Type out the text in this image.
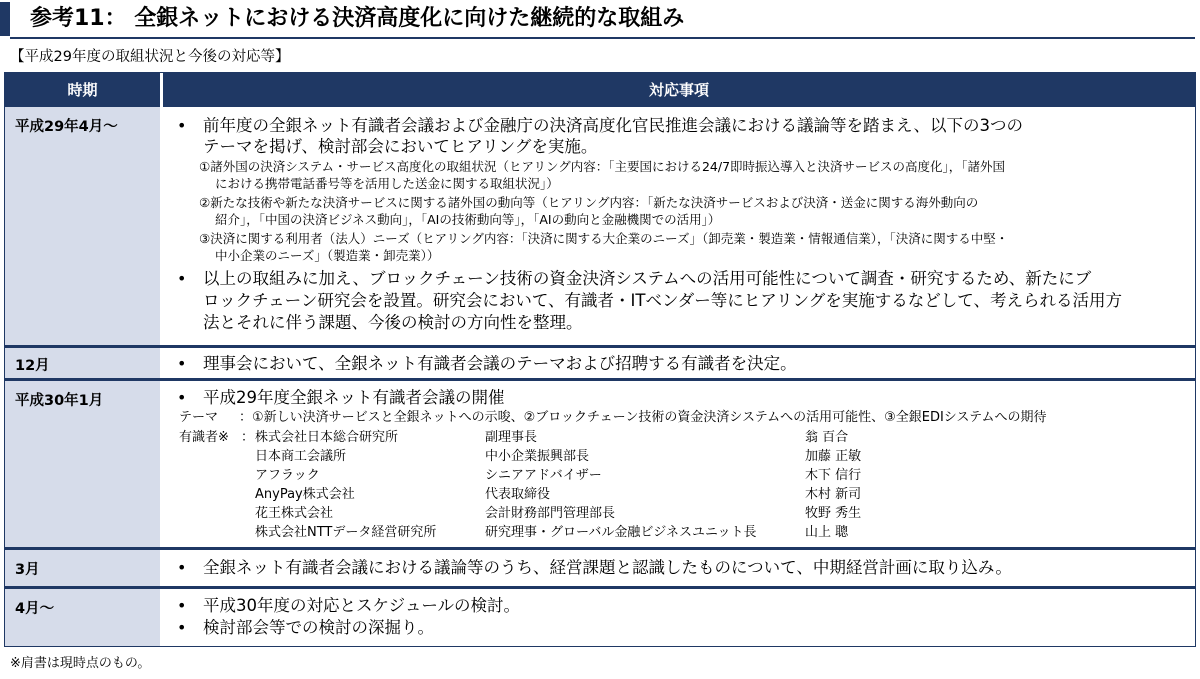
参考11： 全銀ネットにおける決済高度化に向けた継続的な取組み
【平成29年度の取組状況と今後の対応等】
時期	対応事項
平成29年4月～	• 前年度の全銀ネット有識者会議および金融庁の決済高度化官民推進会議における議論等を踏まえ、以下の3つの
テーマを掲げ、検討部会においてヒアリングを実施。
①諸外国の決済システム・サービス高度化の取組状況（ヒアリング内容：「主要国における24/7即時振込導入と決済サービスの高度化」，「諸外国
における携帯電話番号等を活用した送金に関する取組状況」）
②新たな技術や新たな決済サービスに関する諸外国の動向等（ヒアリング内容：「新たな決済サービスおよび決済・送金に関する海外動向の
紹介」，「中国の決済ビジネス動向」，「AIの技術動向等」，「AIの動向と金融機関での活用」）
③決済に関する利用者（法人）ニーズ（ヒアリング内容：「決済に関する大企業のニーズ」（卸売業・製造業・情報通信業），「決済に関する中堅・
中小企業のニーズ」（製造業・卸売業））
• 以上の取組みに加え、ブロックチェーン技術の資金決済システムへの活用可能性について調査・研究するため、新たにブ
ロックチェーン研究会を設置。研究会において、有識者・ITベンダー等にヒアリングを実施するなどして、考えられる活用方
法とそれに伴う課題、今後の検討の方向性を整理。
12月	• 理事会において、全銀ネット有識者会議のテーマおよび招聘する有識者を決定。
平成30年1月	• 平成29年度全銀ネット有識者会議の開催
テーマ ：①新しい決済サービスと全銀ネットへの示唆、②ブロックチェーン技術の資金決済システムへの活用可能性、③全銀EDIシステムへの期待
有識者※ ： 株式会社日本総合研究所	副理事長	翁 百合
日本商工会議所	中小企業振興部長	加藤 正敏
アフラック	シニアアドバイザー	木下 信行
AnyPay株式会社	代表取締役	木村 新司
花王株式会社	会計財務部門管理部長	牧野 秀生
株式会社NTTデータ経営研究所	研究理事・グローバル金融ビジネスユニット長	山上 聰
3月	• 全銀ネット有識者会議における議論等のうち、経営課題と認識したものについて、中期経営計画に取り込み。
4月～	• 平成30年度の対応とスケジュールの検討。
• 検討部会等での検討の深掘り。
※肩書は現時点のもの。
